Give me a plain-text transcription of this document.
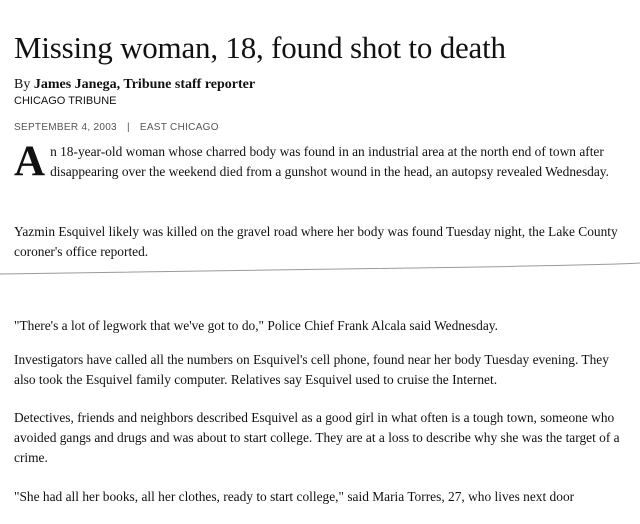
Missing woman, 18, found shot to death
By James Janega, Tribune staff reporter
CHICAGO TRIBUNE
SEPTEMBER 4, 2003 | EAST CHICAGO

A n 18-year-old woman whose charred body was found in an industrial area at the north end of town after disappearing over the weekend died from a gunshot wound in the head, an autopsy revealed Wednesday.

Yazmin Esquivel likely was killed on the gravel road where her body was found Tuesday night, the Lake County coroner's office reported.

"There's a lot of legwork that we've got to do," Police Chief Frank Alcala said Wednesday.

Investigators have called all the numbers on Esquivel's cell phone, found near her body Tuesday evening. They also took the Esquivel family computer. Relatives say Esquivel used to cruise the Internet.

Detectives, friends and neighbors described Esquivel as a good girl in what often is a tough town, someone who avoided gangs and drugs and was about to start college. They are at a loss to describe why she was the target of a crime.

"She had all her books, all her clothes, ready to start college," said Maria Torres, 27, who lives next door
